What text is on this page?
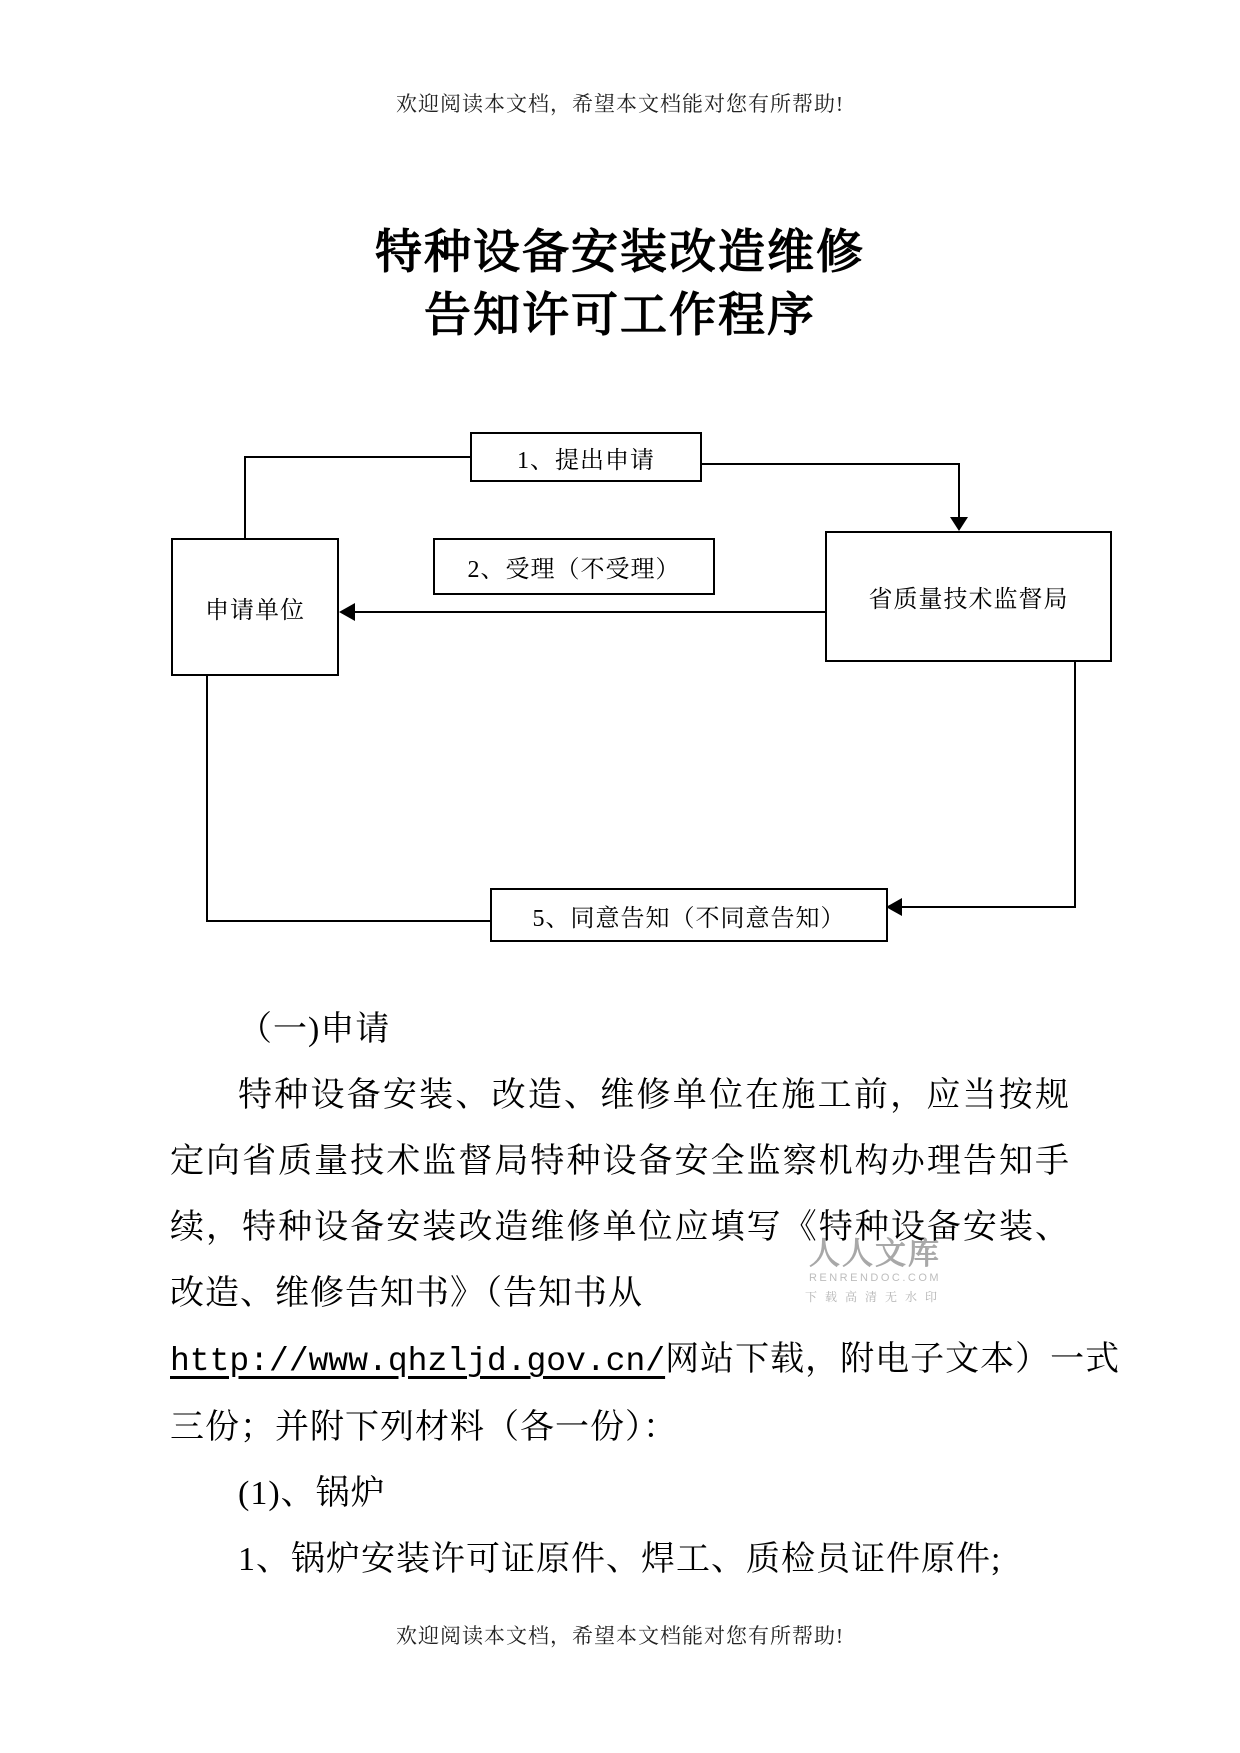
欢迎阅读本文档，希望本文档能对您有所帮助!
特种设备安装改造维修
告知许可工作程序
1、提出申请
申请单位
2、受理（不受理）
省质量技术监督局
5、同意告知（不同意告知）
人人文库
RENRENDOC.COM
下载高清无水印
（一)申请
特种设备安装、改造、维修单位在施工前，应当按规
定向省质量技术监督局特种设备安全监察机构办理告知手
续，特种设备安装改造维修单位应填写《特种设备安装、
改造、维修告知书》（告知书从
http://www.qhzljd.gov.cn/网站下载，附电子文本）一式
三份；并附下列材料（各一份）：
(1)、锅炉
1、锅炉安装许可证原件、焊工、质检员证件原件;
欢迎阅读本文档，希望本文档能对您有所帮助!
